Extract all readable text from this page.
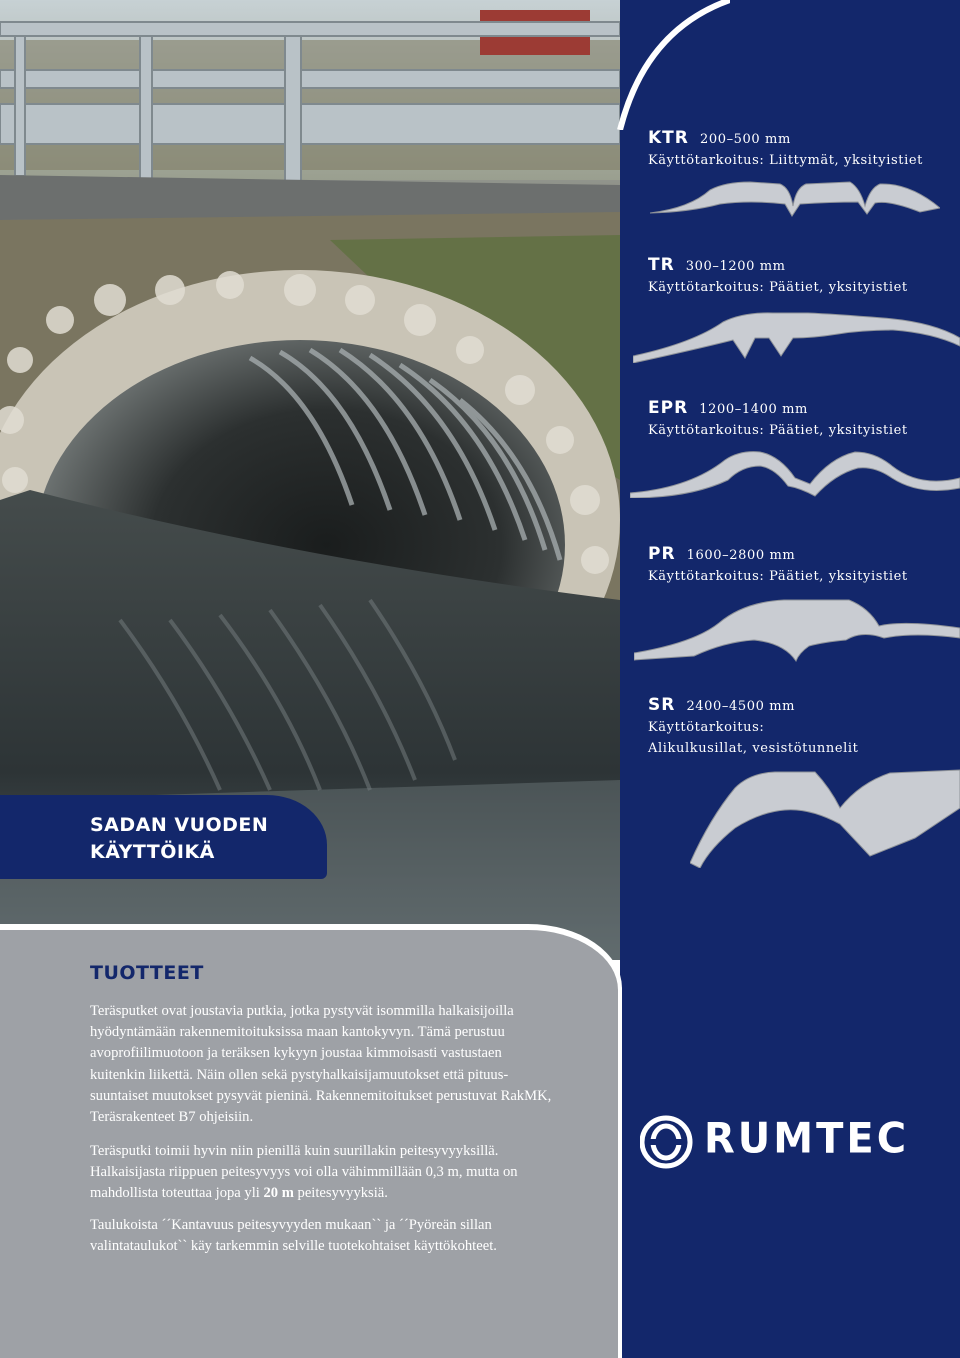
KTR 200–500 mm
Käyttötarkoitus: Liittymät, yksityistiet
TR 300–1200 mm
Käyttötarkoitus: Päätiet, yksityistiet
EPR 1200–1400 mm
Käyttötarkoitus: Päätiet, yksityistiet
PR 1600–2800 mm
Käyttötarkoitus: Päätiet, yksityistiet
SR 2400–4500 mm
Käyttötarkoitus:
Alikulkusillat, vesistötunnelit
SADAN VUODEN
KÄYTTÖIKÄ
TUOTTEET
Teräsputket ovat joustavia putkia, jotka pystyvät isommilla halkaisijoilla hyödyntämään rakennemitoituksissa maan kantokyvyn. Tämä perustuu avoprofiilimuotoon ja teräksen kykyyn joustaa kimmoisasti vastustaen kuitenkin liikettä. Näin ollen sekä pystyhalkaisijamuutokset että pituus-suuntaiset muutokset pysyvät pieninä. Rakennemitoitukset perustuvat RakMK, Teräsrakenteet B7 ohjeisiin.
Teräsputki toimii hyvin niin pienillä kuin suurillakin peitesyvyyksillä. Halkaisijasta riippuen peitesyvyys voi olla vähimmillään 0,3 m, mutta on mahdollista toteuttaa jopa yli 20 m peitesyvyyksiä.
Taulukoista ´´Kantavuus peitesyvyyden mukaan`` ja ´´Pyöreän sillan valintataulukot`` käy tarkemmin selville tuotekohtaiset käyttökohteet.
RUMTEC
